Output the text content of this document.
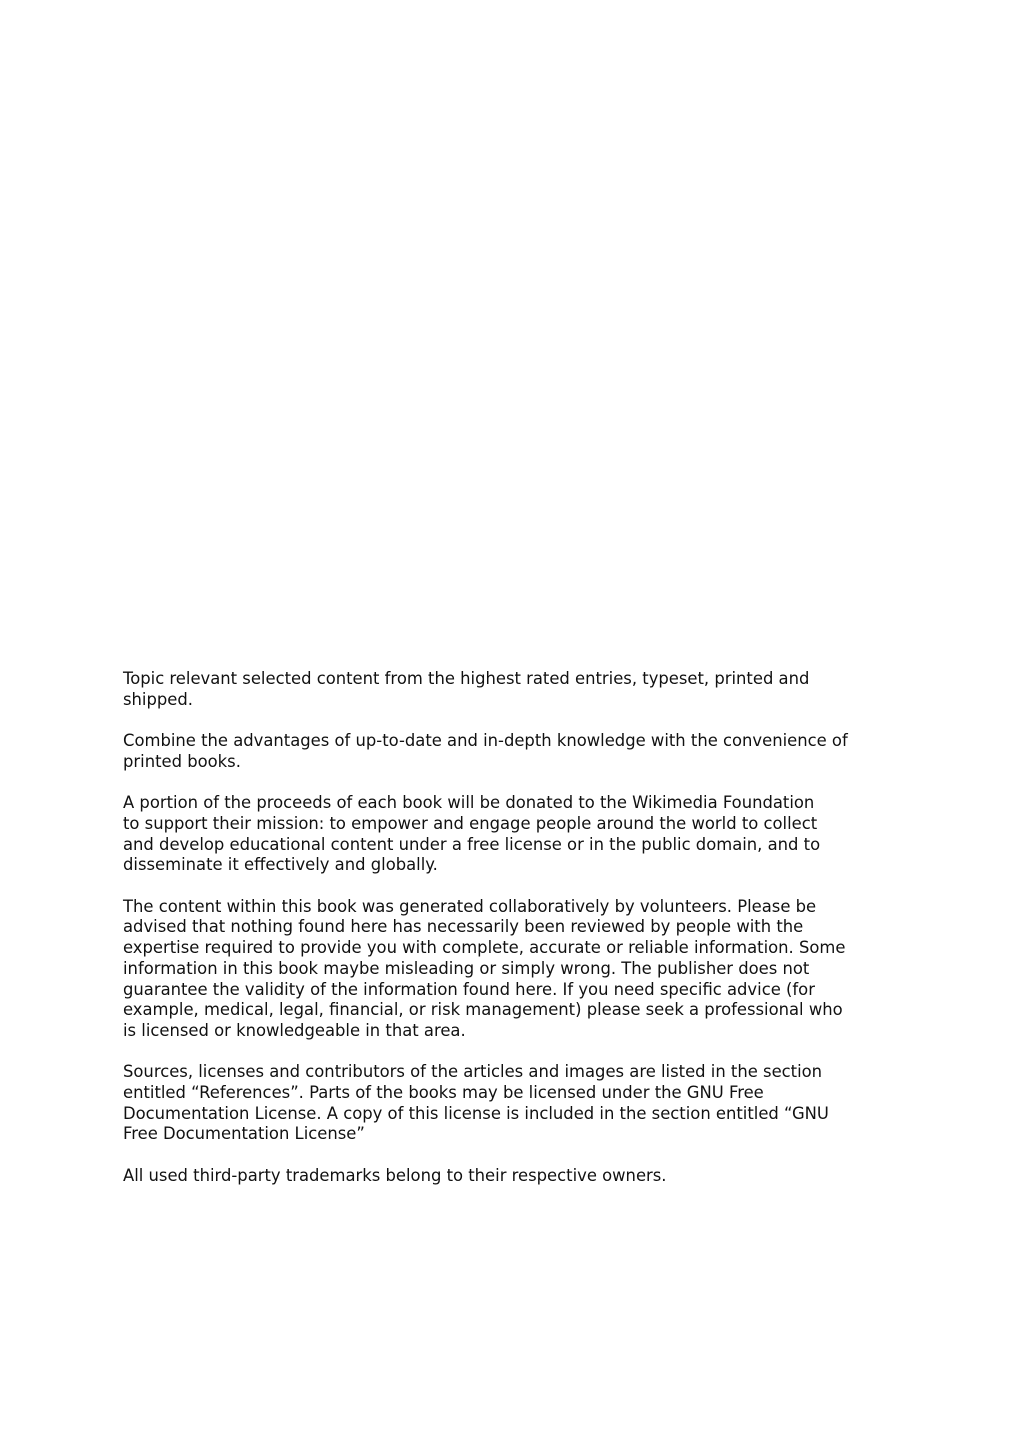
Topic relevant selected content from the highest rated entries, typeset, printed and
shipped.

Combine the advantages of up-to-date and in-depth knowledge with the convenience of
printed books.

A portion of the proceeds of each book will be donated to the Wikimedia Foundation
to support their mission: to empower and engage people around the world to collect
and develop educational content under a free license or in the public domain, and to
disseminate it effectively and globally.

The content within this book was generated collaboratively by volunteers. Please be
advised that nothing found here has necessarily been reviewed by people with the
expertise required to provide you with complete, accurate or reliable information. Some
information in this book maybe misleading or simply wrong. The publisher does not
guarantee the validity of the information found here. If you need specific advice (for
example, medical, legal, financial, or risk management) please seek a professional who
is licensed or knowledgeable in that area.

Sources, licenses and contributors of the articles and images are listed in the section
entitled “References”. Parts of the books may be licensed under the GNU Free
Documentation License. A copy of this license is included in the section entitled “GNU
Free Documentation License”

All used third-party trademarks belong to their respective owners.
